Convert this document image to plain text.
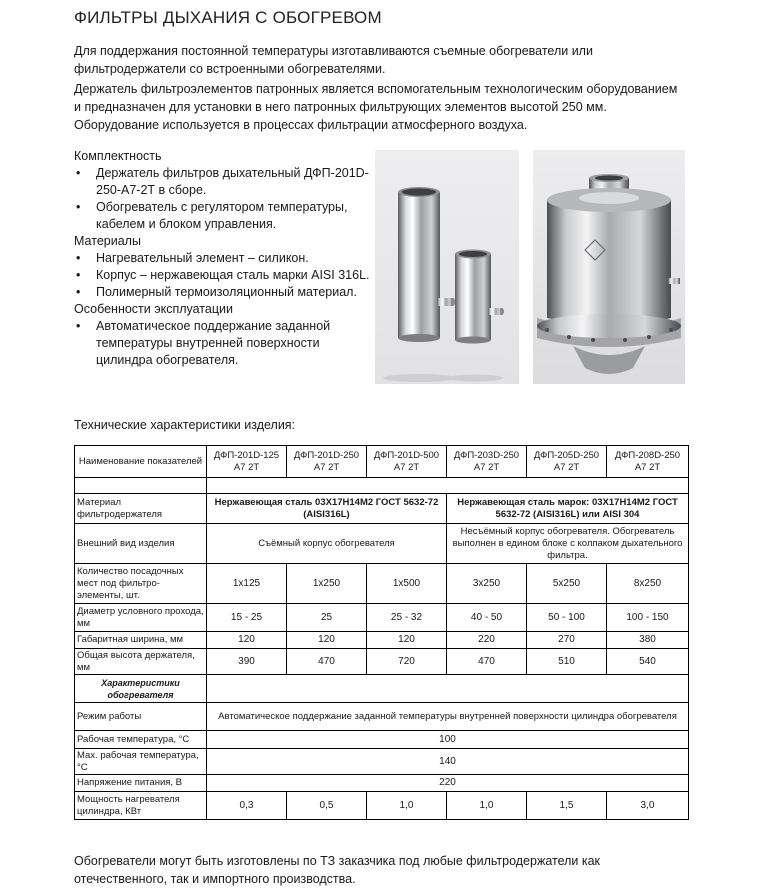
ФИЛЬТРЫ ДЫХАНИЯ С ОБОГРЕВОМ

Для поддержания постоянной температуры изготавливаются съемные обогреватели или фильтродержатели со встроенными обогревателями.

Держатель фильтроэлементов патронных является вспомогательным технологическим оборудованием и предназначен для установки в него патронных фильтрующих элементов высотой 250 мм. Оборудование используется в процессах фильтрации атмосферного воздуха.

Комплектность

•	Держатель фильтров дыхательный ДФП-201D-250-А7-2Т в сборе.
•	Обогреватель с регулятором температуры, кабелем и блоком управления.

Материалы

•	Нагревательный элемент – силикон.
•	Корпус – нержавеющая сталь марки AISI 316L.
•	Полимерный термоизоляционный материал.

Особенности эксплуатации

•	Автоматическое поддержание заданной температуры внутренней поверхности цилиндра обогревателя.
Технические характеристики изделия:
Наименование показателей	ДФП-201D-125 А7 2Т	ДФП-201D-250 А7 2Т	ДФП-201D-500 А7 2Т	ДФП-203D-250 А7 2Т	ДФП-205D-250 А7 2Т	ДФП-208D-250 А7 2Т

Материал фильтродержателя	Нержавеющая сталь 03Х17Н14М2 ГОСТ 5632-72 (AISI316L)			Нержавеющая сталь марок: 03Х17Н14М2 ГОСТ 5632-72 (AISI316L) или AISI 304		
Внешний вид изделия	Съёмный корпус обогревателя			Несъёмный корпус обогревателя. Обогреватель выполнен в едином блоке с колпаком дыхательного фильтра.		
Количество посадочных мест под фильтро-элементы, шт.	1х125	1х250	1х500	3х250	5х250	8х250
Диаметр условного прохода, мм	15 - 25	25	25 - 32	40 - 50	50 - 100	100 - 150
Габаритная ширина, мм	120	120	120	220	270	380
Общая высота держателя, мм	390	470	720	470	510	540
Характеристики обогревателя						
Режим работы	Автоматическое поддержание заданной температуры внутренней поверхности цилиндра обогревателя					
Рабочая температура, °С	100					
Мах. рабочая температура, °С	140					
Напряжение питания, В	220					
Мощность нагревателя цилиндра, КВт	0,3	0,5	1,0	1,0	1,5	3,0

Обогреватели могут быть изготовлены по ТЗ заказчика под любые фильтродержатели как отечественного, так и импортного производства.
